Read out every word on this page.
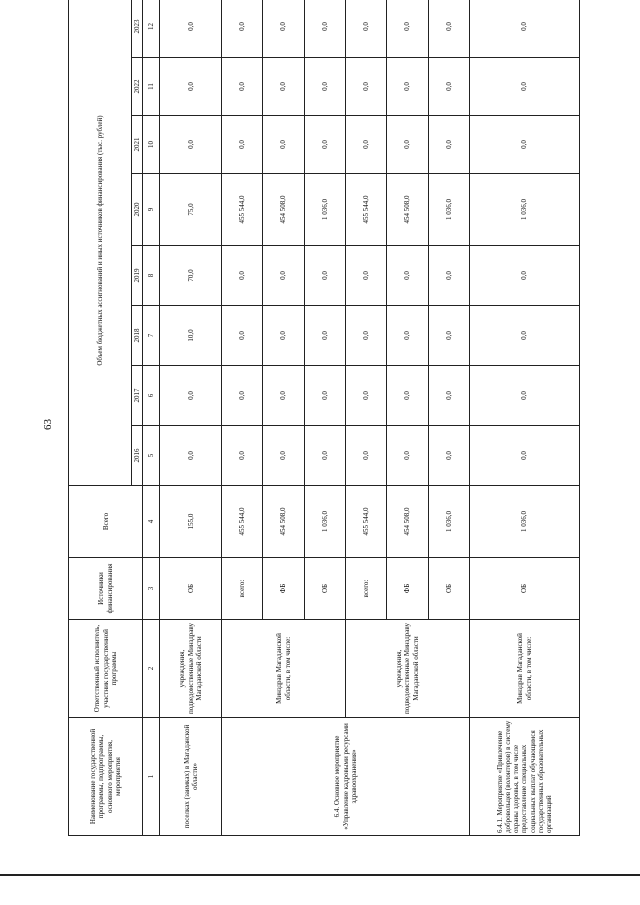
63
Наименование государственной программы, подпрограммы, основного мероприятия, мероприятия	Ответственный исполнитель, участник государственной программы	Источники финансирования	Всего	Объем бюджетных ассигнований и иных источников финансирования (тыс. рублей)							
				2016	2017	2018	2019	2020	2021	2022	2023
1	2	3	4	5	6	7	8	9	10	11	12
поселках (заимках) в Магаданской области»	учреждения, подведомственные Минздраву Магаданской области	ОБ	155,0	0,0	0,0	10,0	70,0	75,0	0,0	0,0	0,0
6.4. Основное мероприятие «Управление кадровыми ресурсами здравоохранения»	Минздрав Магаданской области, в том числе:	всего:	455 544,0	0,0	0,0	0,0	0,0	455 544,0	0,0	0,0	0,0
		ФБ	454 508,0	0,0	0,0	0,0	0,0	454 508,0	0,0	0,0	0,0
		ОБ	1 036,0	0,0	0,0	0,0	0,0	1 036,0	0,0	0,0	0,0
	учреждения, подведомственные Минздраву Магаданской области	всего:	455 544,0	0,0	0,0	0,0	0,0	455 544,0	0,0	0,0	0,0
		ФБ	454 508,0	0,0	0,0	0,0	0,0	454 508,0	0,0	0,0	0,0
		ОБ	1 036,0	0,0	0,0	0,0	0,0	1 036,0	0,0	0,0	0,0
6.4.1. Мероприятие «Привлечение добровольцев (волонтеров) в систему охраны здоровья, в том числе предоставление специальных социальных выплат обучающимся государственных образовательных организаций	Минздрав Магаданской области, в том числе:	ОБ	1 036,0	0,0	0,0	0,0	0,0	1 036,0	0,0	0,0	0,0
